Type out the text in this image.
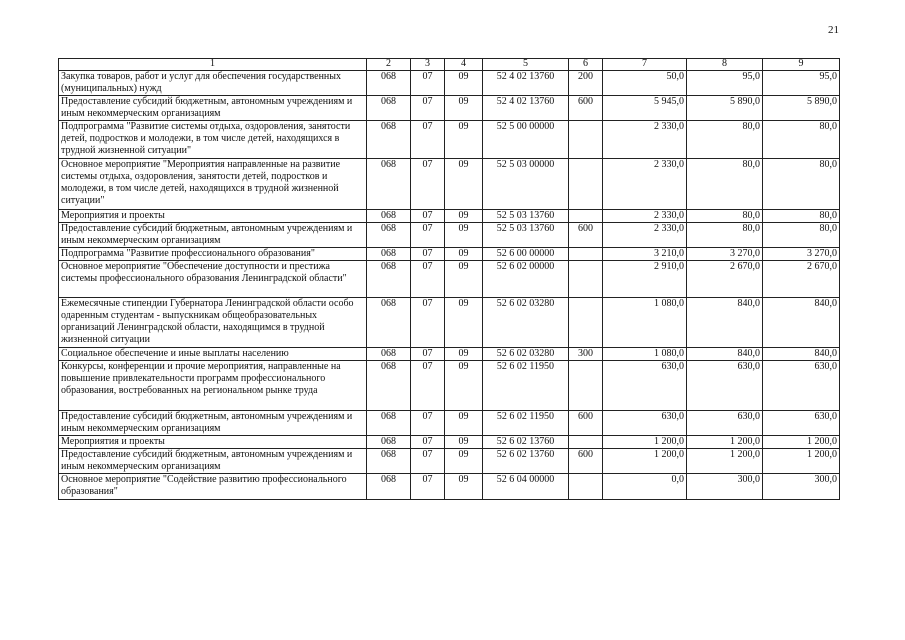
21
1	2	3	4	5	6	7	8	9
Закупка товаров, работ и услуг для обеспечения государственных (муниципальных) нужд	068	07	09	52 4 02 13760	200	50,0	95,0	95,0
Предоставление субсидий бюджетным, автономным учреждениям и иным некоммерческим организациям	068	07	09	52 4 02 13760	600	5 945,0	5 890,0	5 890,0
Подпрограмма "Развитие системы отдыха, оздоровления, занятости детей, подростков и молодежи, в том числе детей, находящихся в трудной жизненной ситуации"	068	07	09	52 5 00 00000		2 330,0	80,0	80,0
Основное мероприятие "Мероприятия направленные на развитие системы отдыха, оздоровления, занятости детей, подростков и молодежи, в том числе детей, находящихся в трудной жизненной ситуации"	068	07	09	52 5 03 00000		2 330,0	80,0	80,0
Мероприятия и проекты	068	07	09	52 5 03 13760		2 330,0	80,0	80,0
Предоставление субсидий бюджетным, автономным учреждениям и иным некоммерческим организациям	068	07	09	52 5 03 13760	600	2 330,0	80,0	80,0
Подпрограмма "Развитие профессионального образования"	068	07	09	52 6 00 00000		3 210,0	3 270,0	3 270,0
Основное мероприятие "Обеспечение доступности и престижа системы профессионального образования Ленинградской области"	068	07	09	52 6 02 00000		2 910,0	2 670,0	2 670,0
Ежемесячные стипендии Губернатора Ленинградской области особо одаренным студентам - выпускникам общеобразовательных организаций Ленинградской области, находящимся в трудной жизненной ситуации	068	07	09	52 6 02 03280		1 080,0	840,0	840,0
Социальное обеспечение и иные выплаты населению	068	07	09	52 6 02 03280	300	1 080,0	840,0	840,0
Конкурсы, конференции и прочие мероприятия, направленные на повышение привлекательности программ профессионального образования, востребованных на региональном рынке труда	068	07	09	52 6 02 11950		630,0	630,0	630,0
Предоставление субсидий бюджетным, автономным учреждениям и иным некоммерческим организациям	068	07	09	52 6 02 11950	600	630,0	630,0	630,0
Мероприятия и проекты	068	07	09	52 6 02 13760		1 200,0	1 200,0	1 200,0
Предоставление субсидий бюджетным, автономным учреждениям и иным некоммерческим организациям	068	07	09	52 6 02 13760	600	1 200,0	1 200,0	1 200,0
Основное мероприятие "Содействие развитию профессионального образования"	068	07	09	52 6 04 00000		0,0	300,0	300,0
